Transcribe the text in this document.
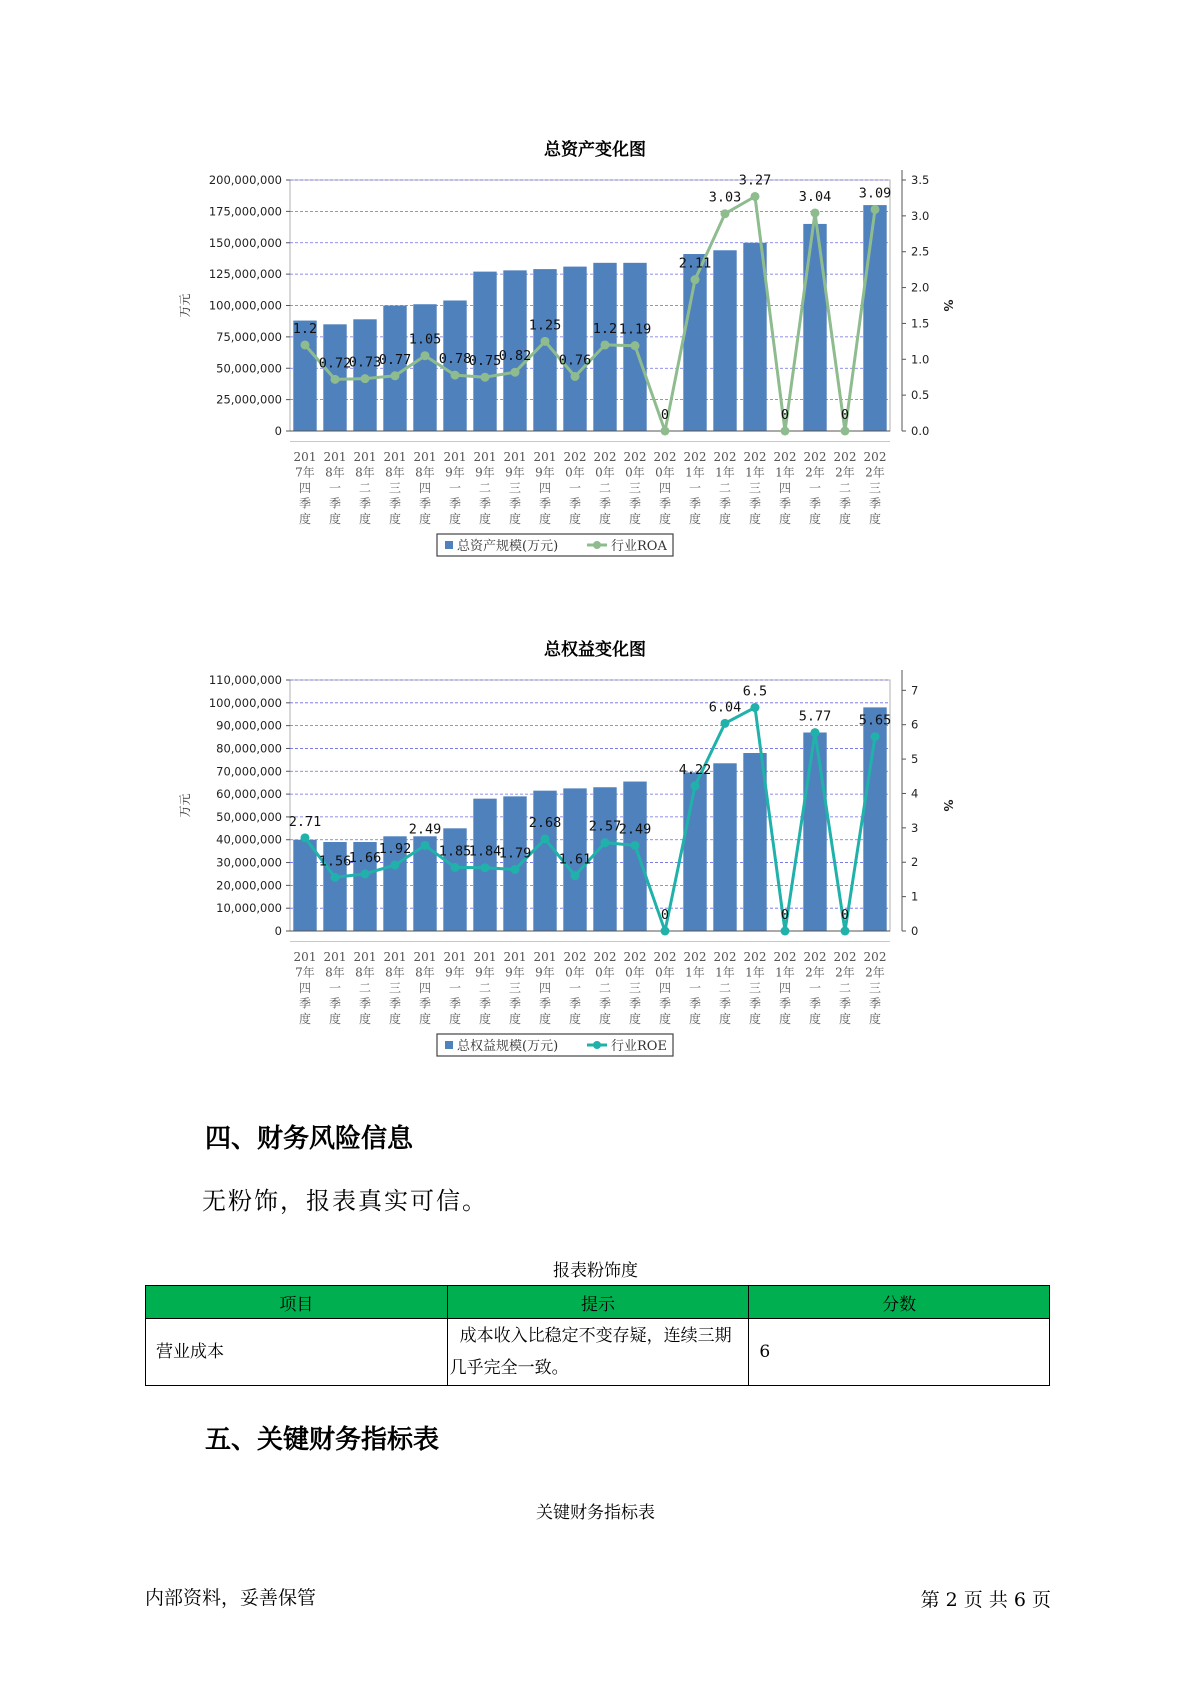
总资产变化图
0
25,000,000
50,000,000
75,000,000
100,000,000
125,000,000
150,000,000
175,000,000
200,000,000
0.0
0.5
1.0
1.5
2.0
2.5
3.0
3.5
万元	%
201 7年四季度
201 8年一季度
201 8年二季度
201 8年三季度
201 8年四季度
201 9年一季度
201 9年二季度
201 9年三季度
201 9年四季度
202 0年一季度
202 0年二季度
202 0年三季度
202 0年四季度
202 1年一季度
202 1年二季度
202 1年三季度
202 1年四季度
202 2年一季度
202 2年二季度
202 2年三季度
1.2
0.72
0.73
0.77
1.05
0.78
0.75
0.82
1.25
0.76
1.2 1.19
0
2.11
3.03
3.27
0
3.04
0
3.09
总资产规模(万元)	行业ROA
总权益变化图
0
10,000,000
20,000,000
30,000,000
40,000,000
50,000,000
60,000,000
70,000,000
80,000,000
90,000,000
100,000,000
110,000,000
0
1
2
3
4
5
6
7
万元	%
201 7年四季度
201 8年一季度
201 8年二季度
201 8年三季度
201 8年四季度
201 9年一季度
201 9年二季度
201 9年三季度
201 9年四季度
202 0年一季度
202 0年二季度
202 0年三季度
202 0年四季度
202 1年一季度
202 1年二季度
202 1年三季度
202 1年四季度
202 2年一季度
202 2年二季度
202 2年三季度
2.71
1.56
1.66
1.92
2.49
1.85
1.84
1.79
2.68
1.61
2.57
2.49
0
4.22
6.04
6.5
0
5.77
0
5.65
总权益规模(万元)	行业ROE
四、财务风险信息
无粉饰，报表真实可信。
报表粉饰度
项目	提示	分数
营业成本	成本收入比稳定不变存疑，连续三期几乎完全一致。	6
五、关键财务指标表
关键财务指标表
内部资料，妥善保管	第 2 页 共 6 页
